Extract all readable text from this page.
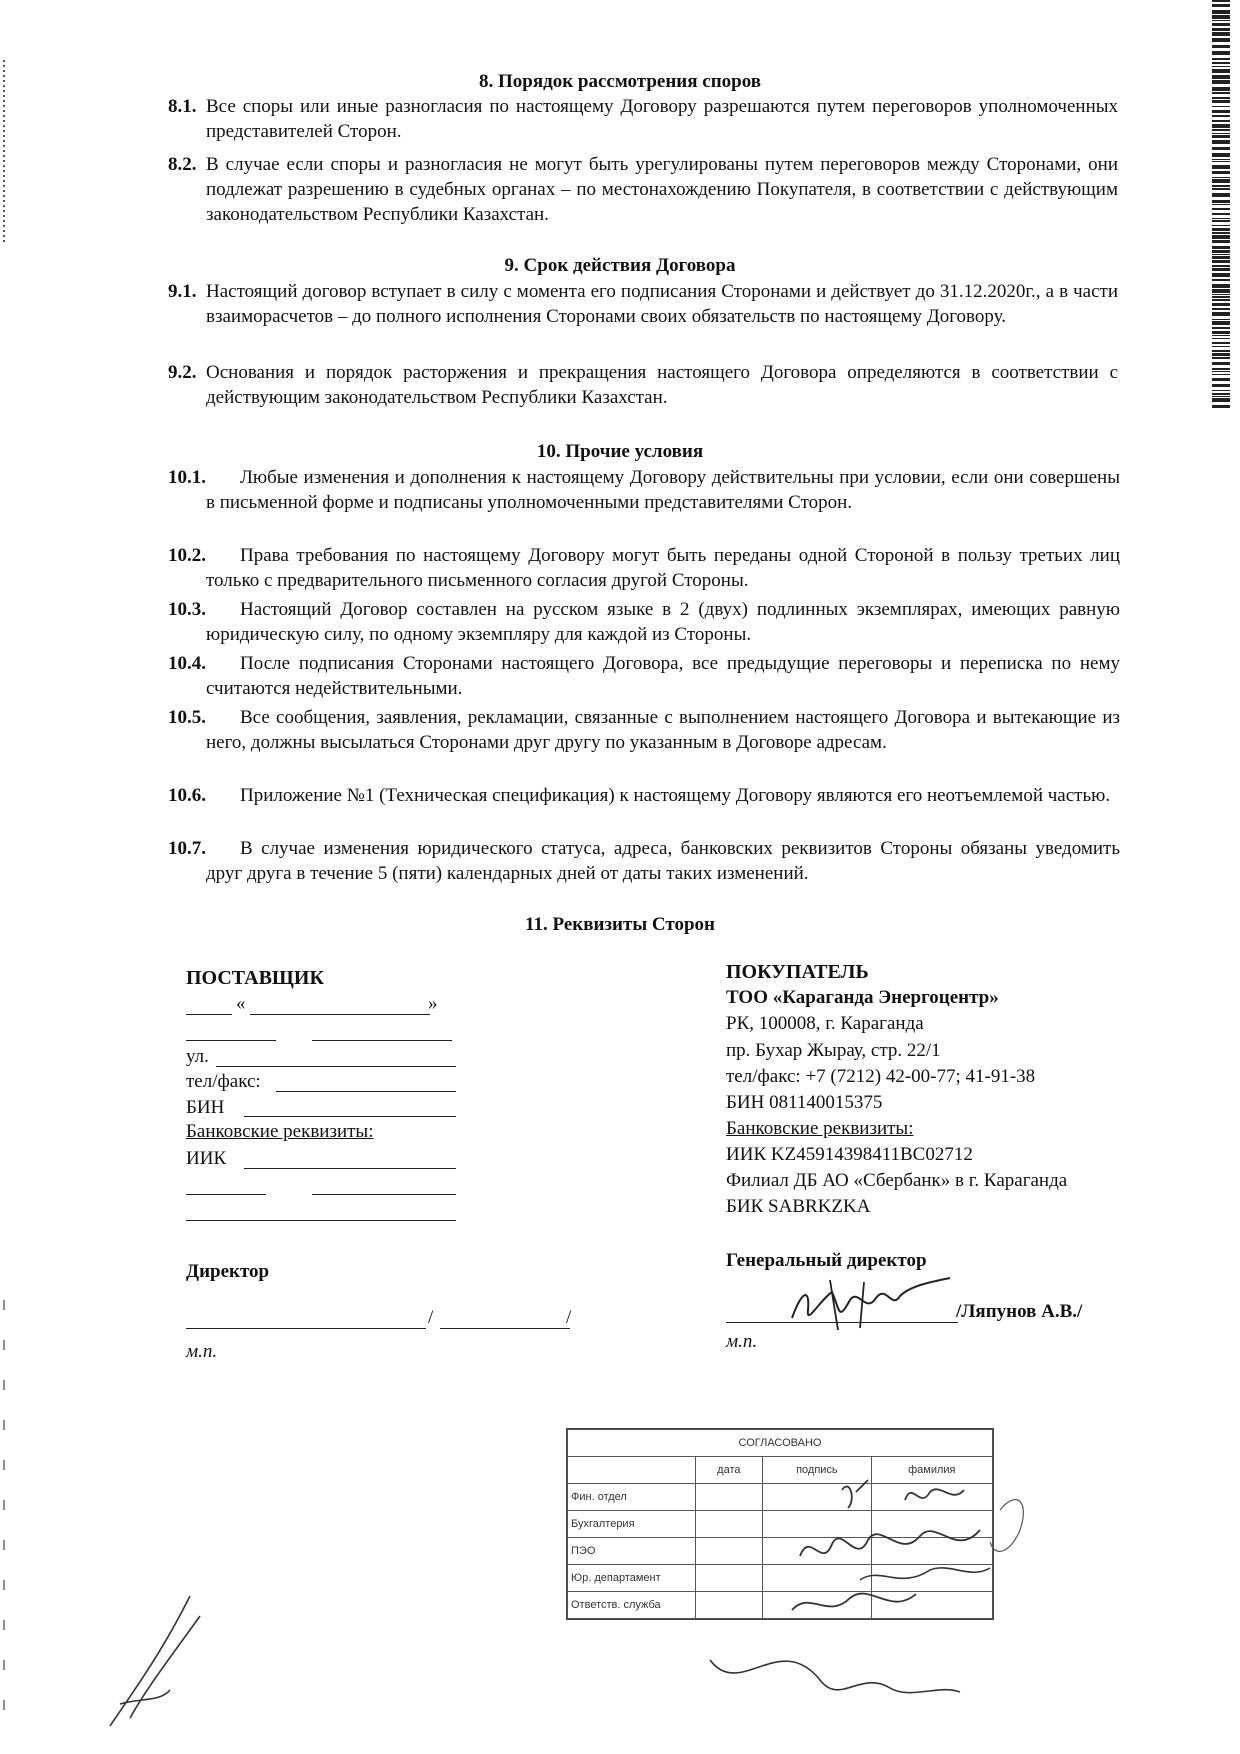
8. Порядок рассмотрения споров
8.1. Все споры или иные разногласия по настоящему Договору разрешаются путем переговоров уполномоченных представителей Сторон.
8.2. В случае если споры и разногласия не могут быть урегулированы путем переговоров между Сторонами, они подлежат разрешению в судебных органах – по местонахождению Покупателя, в соответствии с действующим законодательством Республики Казахстан.
9. Срок действия Договора
9.1. Настоящий договор вступает в силу с момента его подписания Сторонами и действует до 31.12.2020г., а в части взаиморасчетов – до полного исполнения Сторонами своих обязательств по настоящему Договору.
9.2. Основания и порядок расторжения и прекращения настоящего Договора определяются в соответствии с действующим законодательством Республики Казахстан.
10. Прочие условия
10.1.	Любые изменения и дополнения к настоящему Договору действительны при условии, если они совершены в письменной форме и подписаны уполномоченными представителями Сторон.
10.2.	Права требования по настоящему Договору могут быть переданы одной Стороной в пользу третьих лиц только с предварительного письменного согласия другой Стороны.
10.3.	Настоящий Договор составлен на русском языке в 2 (двух) подлинных экземплярах, имеющих равную юридическую силу, по одному экземпляру для каждой из Стороны.
10.4.	После подписания Сторонами настоящего Договора, все предыдущие переговоры и переписка по нему считаются недействительными.
10.5.	Все сообщения, заявления, рекламации, связанные с выполнением настоящего Договора и вытекающие из него, должны высылаться Сторонами друг другу по указанным в Договоре адресам.
10.6.	Приложение №1 (Техническая спецификация) к настоящему Договору являются его неотъемлемой частью.
10.7.	В случае изменения юридического статуса, адреса, банковских реквизитов Стороны обязаны уведомить друг друга в течение 5 (пяти) календарных дней от даты таких изменений.
11. Реквизиты Сторон
ПОСТАВЩИК
«	»
ул.
тел/факс:
БИН
Банковские реквизиты:
ИИК
Директор
/	/
м.п.
ПОКУПАТЕЛЬ
ТОО «Караганда Энергоцентр»
РК, 100008, г. Караганда
пр. Бухар Жырау, стр. 22/1
тел/факс: +7 (7212) 42-00-77; 41-91-38
БИН 081140015375
Банковские реквизиты:
ИИК KZ45914398411BC02712
Филиал ДБ АО «Сбербанк» в г. Караганда
БИК SABRKZKA
Генеральный директор
/Ляпунов А.В./
м.п.
СОГЛАСОВАНО			
	дата	подпись	фамилия
Фин. отдел			
Бухгалтерия			
ПЭО			
Юр. департамент			
Ответств. служба			
